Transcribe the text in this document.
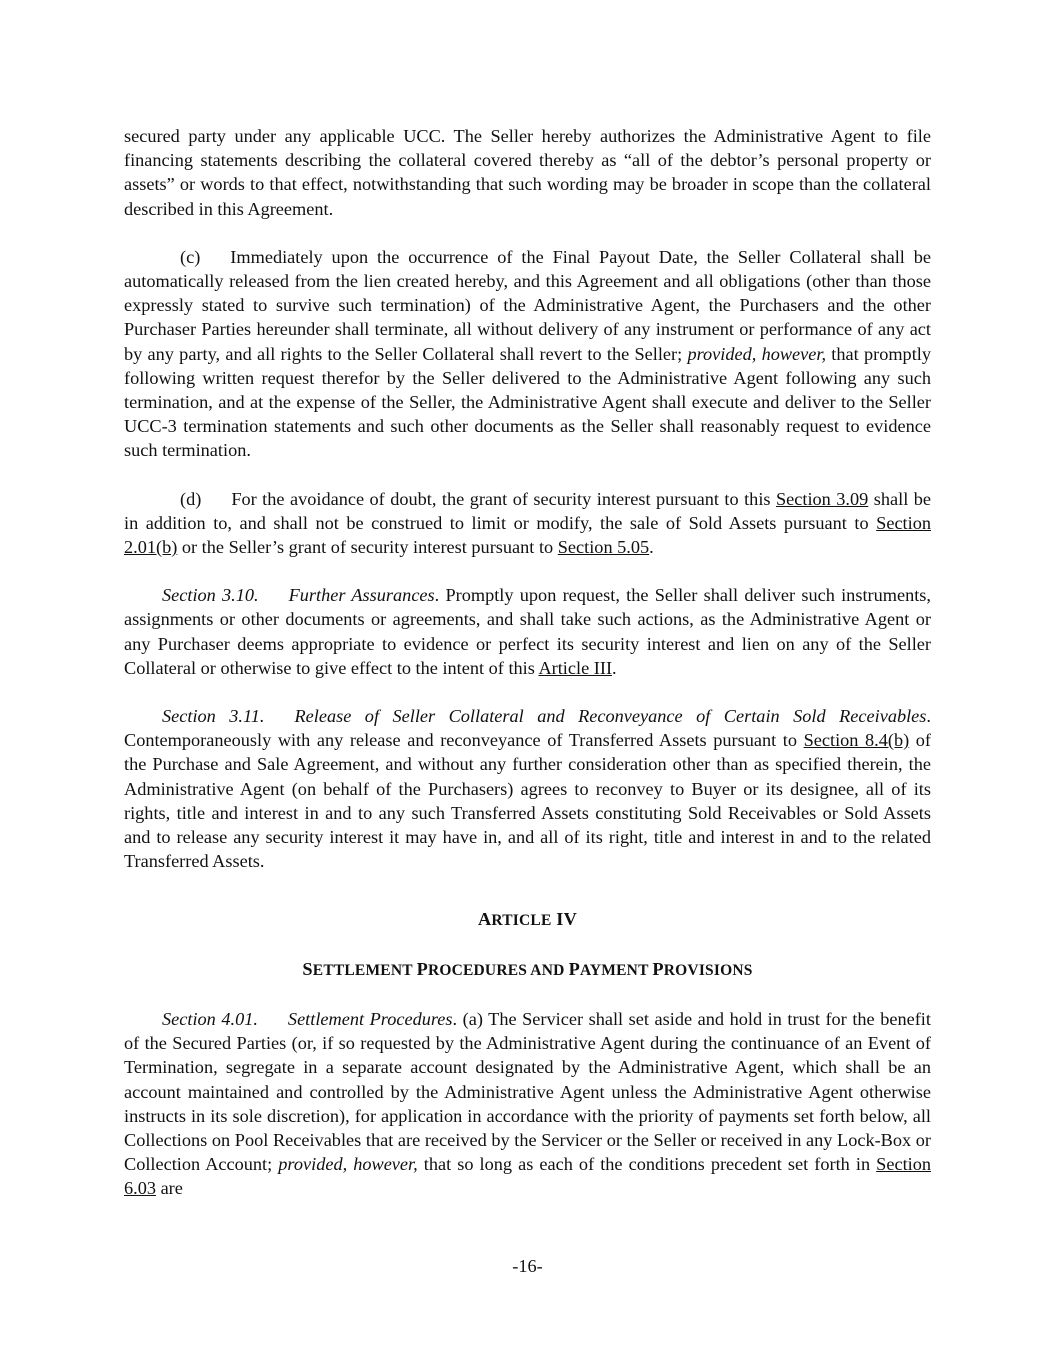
secured party under any applicable UCC. The Seller hereby authorizes the Administrative Agent to file financing statements describing the collateral covered thereby as “all of the debtor’s personal property or assets” or words to that effect, notwithstanding that such wording may be broader in scope than the collateral described in this Agreement.

(c) Immediately upon the occurrence of the Final Payout Date, the Seller Collateral shall be automatically released from the lien created hereby, and this Agreement and all obligations (other than those expressly stated to survive such termination) of the Administrative Agent, the Purchasers and the other Purchaser Parties hereunder shall terminate, all without delivery of any instrument or performance of any act by any party, and all rights to the Seller Collateral shall revert to the Seller; provided, however, that promptly following written request therefor by the Seller delivered to the Administrative Agent following any such termination, and at the expense of the Seller, the Administrative Agent shall execute and deliver to the Seller UCC-3 termination statements and such other documents as the Seller shall reasonably request to evidence such termination.

(d) For the avoidance of doubt, the grant of security interest pursuant to this Section 3.09 shall be in addition to, and shall not be construed to limit or modify, the sale of Sold Assets pursuant to Section 2.01(b) or the Seller’s grant of security interest pursuant to Section 5.05.

Section 3.10. Further Assurances. Promptly upon request, the Seller shall deliver such instruments, assignments or other documents or agreements, and shall take such actions, as the Administrative Agent or any Purchaser deems appropriate to evidence or perfect its security interest and lien on any of the Seller Collateral or otherwise to give effect to the intent of this Article III.

Section 3.11. Release of Seller Collateral and Reconveyance of Certain Sold Receivables. Contemporaneously with any release and reconveyance of Transferred Assets pursuant to Section 8.4(b) of the Purchase and Sale Agreement, and without any further consideration other than as specified therein, the Administrative Agent (on behalf of the Purchasers) agrees to reconvey to Buyer or its designee, all of its rights, title and interest in and to any such Transferred Assets constituting Sold Receivables or Sold Assets and to release any security interest it may have in, and all of its right, title and interest in and to the related Transferred Assets.

ARTICLE IV

SETTLEMENT PROCEDURES AND PAYMENT PROVISIONS

Section 4.01. Settlement Procedures. (a) The Servicer shall set aside and hold in trust for the benefit of the Secured Parties (or, if so requested by the Administrative Agent during the continuance of an Event of Termination, segregate in a separate account designated by the Administrative Agent, which shall be an account maintained and controlled by the Administrative Agent unless the Administrative Agent otherwise instructs in its sole discretion), for application in accordance with the priority of payments set forth below, all Collections on Pool Receivables that are received by the Servicer or the Seller or received in any Lock-Box or Collection Account; provided, however, that so long as each of the conditions precedent set forth in Section 6.03 are

-16-
